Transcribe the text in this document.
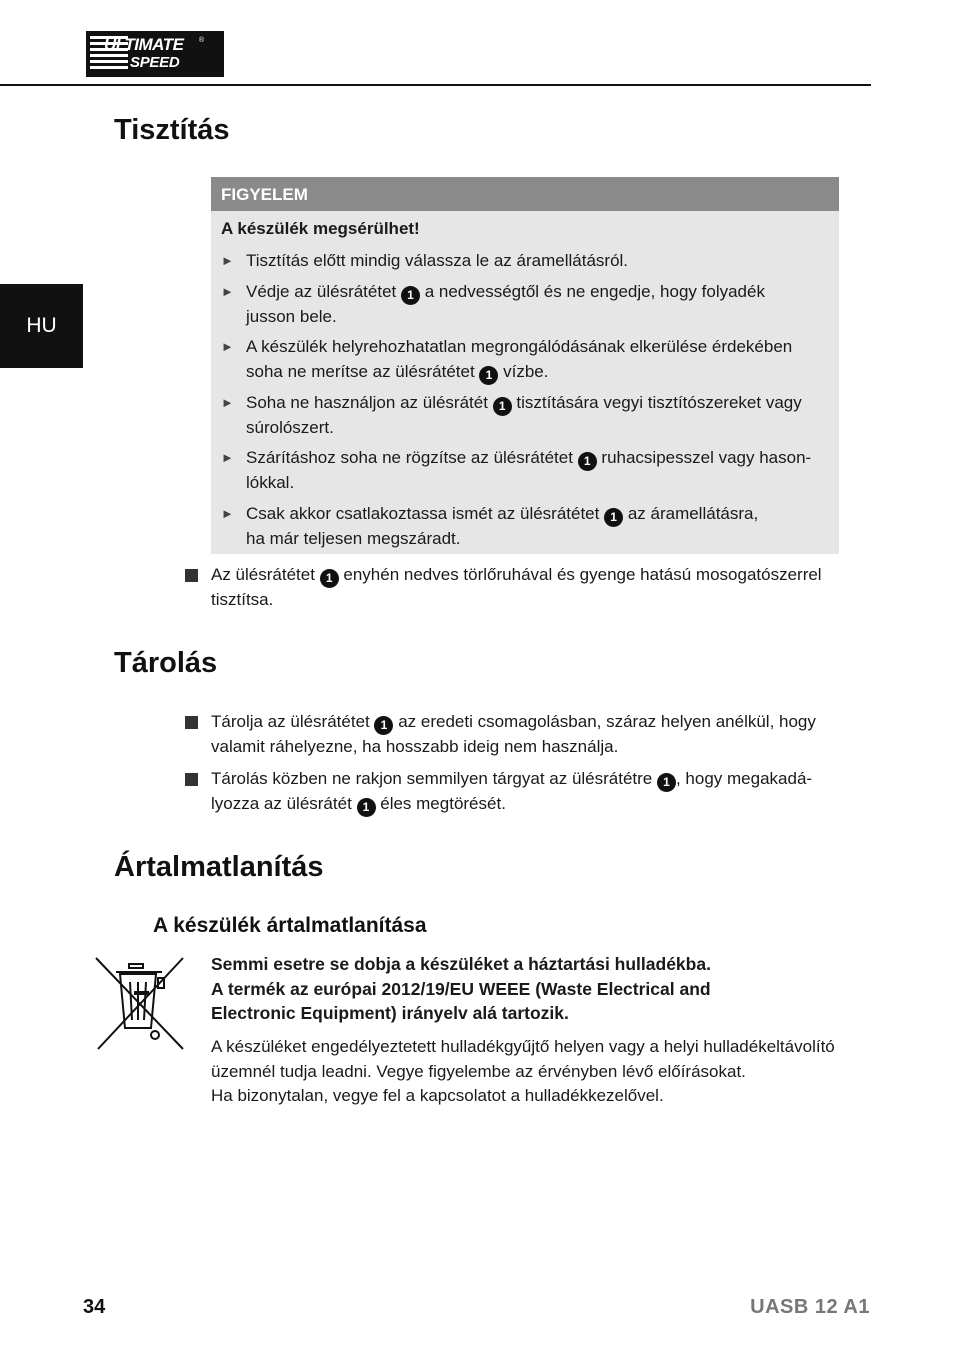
ULTIMATE
SPEED
®
HU
Tisztítás
FIGYELEM
A készülék megsérülhet!
► Tisztítás előtt mindig válassza le az áramellátásról.
► Védje az ülésrátétet 1 a nedvességtől és ne engedje, hogy folyadék
jusson bele.
► A készülék helyrehozhatatlan megrongálódásának elkerülése érdekében
soha ne merítse az ülésrátétet 1 vízbe.
► Soha ne használjon az ülésrátét 1 tisztítására vegyi tisztítószereket vagy
súrolószert.
► Szárításhoz soha ne rögzítse az ülésrátétet 1 ruhacsipesszel vagy hason-
lókkal.
► Csak akkor csatlakoztassa ismét az ülésrátétet 1 az áramellátásra,
ha már teljesen megszáradt.
Az ülésrátétet 1 enyhén nedves törlőruhával és gyenge hatású mosogatószerrel
tisztítsa.
Tárolás
Tárolja az ülésrátétet 1 az eredeti csomagolásban, száraz helyen anélkül, hogy
valamit ráhelyezne, ha hosszabb ideig nem használja.
Tárolás közben ne rakjon semmilyen tárgyat az ülésrátétre 1 , hogy megakadá-
lyozza az ülésrátét 1 éles megtörését.
Ártalmatlanítás
A készülék ártalmatlanítása
Semmi esetre se dobja a készüléket a háztartási hulladékba.
A termék az európai 2012/19/EU WEEE (Waste Electrical and
Electronic Equipment) irányelv alá tartozik.
A készüléket engedélyeztetett hulladékgyűjtő helyen vagy a helyi hulladékeltávolító
üzemnél tudja leadni. Vegye figyelembe az érvényben lévő előírásokat.
Ha bizonytalan, vegye fel a kapcsolatot a hulladékkezelővel.
34	UASB 12 A1
